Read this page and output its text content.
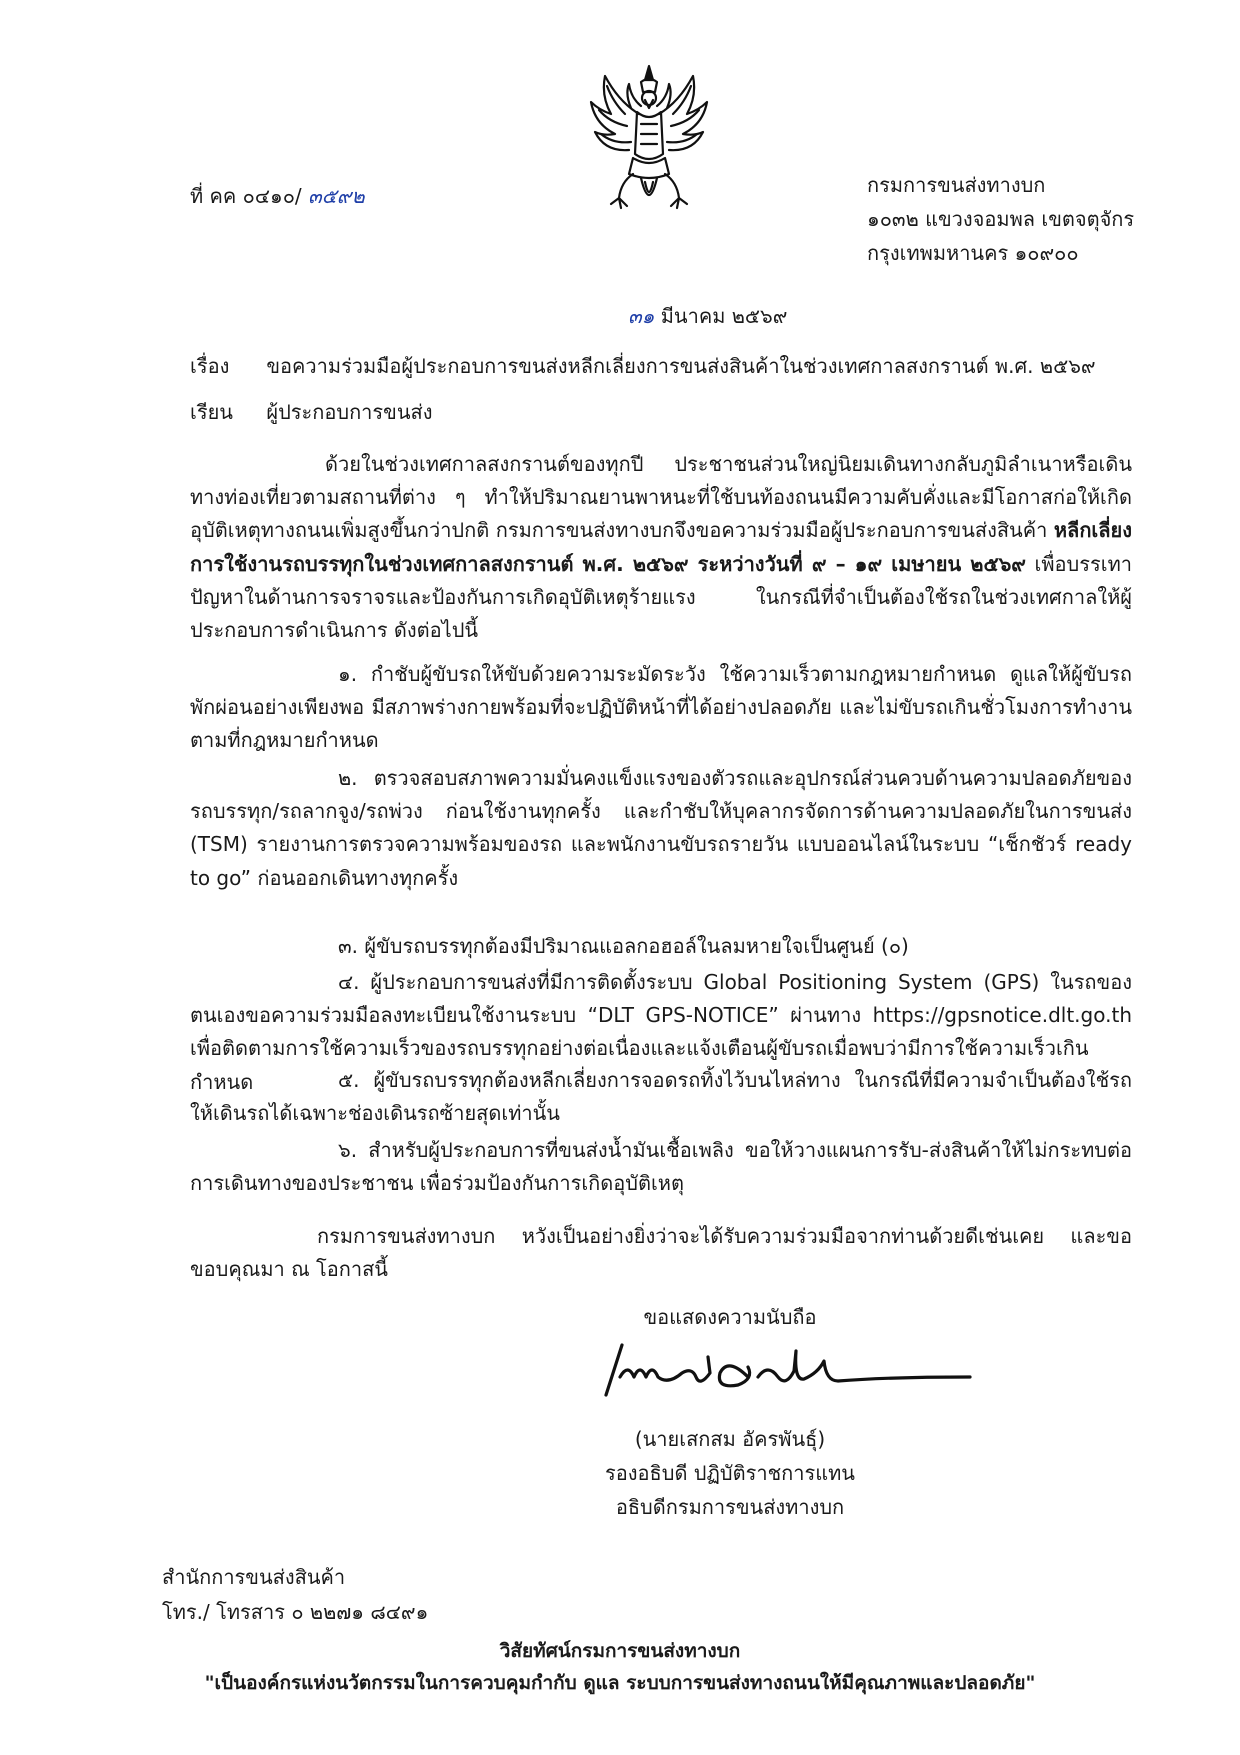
ที่ คค ๐๔๑๐/ ๓๕๙๒	กรมการขนส่งทางบก
๑๐๓๒ แขวงจอมพล เขตจตุจักร
กรุงเทพมหานคร ๑๐๙๐๐
๓๑ มีนาคม ๒๕๖๙
เรื่อง ขอความร่วมมือผู้ประกอบการขนส่งหลีกเลี่ยงการขนส่งสินค้าในช่วงเทศกาลสงกรานต์ พ.ศ. ๒๕๖๙
เรียน ผู้ประกอบการขนส่ง
ด้วยในช่วงเทศกาลสงกรานต์ของทุกปี ประชาชนส่วนใหญ่นิยมเดินทางกลับภูมิลำเนาหรือเดินทางท่องเที่ยวตามสถานที่ต่าง ๆ ทำให้ปริมาณยานพาหนะที่ใช้บนท้องถนนมีความคับคั่งและมีโอกาสก่อให้เกิดอุบัติเหตุทางถนนเพิ่มสูงขึ้นกว่าปกติ กรมการขนส่งทางบกจึงขอความร่วมมือผู้ประกอบการขนส่งสินค้า หลีกเลี่ยงการใช้งานรถบรรทุกในช่วงเทศกาลสงกรานต์ พ.ศ. ๒๕๖๙ ระหว่างวันที่ ๙ – ๑๙ เมษายน ๒๕๖๙ เพื่อบรรเทาปัญหาในด้านการจราจรและป้องกันการเกิดอุบัติเหตุร้ายแรง ในกรณีที่จำเป็นต้องใช้รถในช่วงเทศกาลให้ผู้ประกอบการดำเนินการ ดังต่อไปนี้
๑. กำชับผู้ขับรถให้ขับด้วยความระมัดระวัง ใช้ความเร็วตามกฎหมายกำหนด ดูแลให้ผู้ขับรถพักผ่อนอย่างเพียงพอ มีสภาพร่างกายพร้อมที่จะปฏิบัติหน้าที่ได้อย่างปลอดภัย และไม่ขับรถเกินชั่วโมงการทำงานตามที่กฎหมายกำหนด
๒. ตรวจสอบสภาพความมั่นคงแข็งแรงของตัวรถและอุปกรณ์ส่วนควบด้านความปลอดภัยของรถบรรทุก/รถลากจูง/รถพ่วง ก่อนใช้งานทุกครั้ง และกำชับให้บุคลากรจัดการด้านความปลอดภัยในการขนส่ง (TSM) รายงานการตรวจความพร้อมของรถ และพนักงานขับรถรายวัน แบบออนไลน์ในระบบ “เช็กชัวร์ ready to go” ก่อนออกเดินทางทุกครั้ง
๓. ผู้ขับรถบรรทุกต้องมีปริมาณแอลกอฮอล์ในลมหายใจเป็นศูนย์ (๐)
๔. ผู้ประกอบการขนส่งที่มีการติดตั้งระบบ Global Positioning System (GPS) ในรถของตนเองขอความร่วมมือลงทะเบียนใช้งานระบบ “DLT GPS-NOTICE” ผ่านทาง https://gpsnotice.dlt.go.th เพื่อติดตามการใช้ความเร็วของรถบรรทุกอย่างต่อเนื่องและแจ้งเตือนผู้ขับรถเมื่อพบว่ามีการใช้ความเร็วเกินกำหนด	๕. ผู้ขับรถบรรทุกต้องหลีกเลี่ยงการจอดรถทิ้งไว้บนไหล่ทาง ในกรณีที่มีความจำเป็นต้องใช้รถให้เดินรถได้เฉพาะช่องเดินรถซ้ายสุดเท่านั้น
๖. สำหรับผู้ประกอบการที่ขนส่งน้ำมันเชื้อเพลิง ขอให้วางแผนการรับ-ส่งสินค้าให้ไม่กระทบต่อการเดินทางของประชาชน เพื่อร่วมป้องกันการเกิดอุบัติเหตุ
กรมการขนส่งทางบก หวังเป็นอย่างยิ่งว่าจะได้รับความร่วมมือจากท่านด้วยดีเช่นเคย และขอขอบคุณมา ณ โอกาสนี้
ขอแสดงความนับถือ
(นายเสกสม อัครพันธุ์)
รองอธิบดี ปฏิบัติราชการแทน
อธิบดีกรมการขนส่งทางบก
สำนักการขนส่งสินค้า
โทร./ โทรสาร ๐ ๒๒๗๑ ๘๔๙๑
วิสัยทัศน์กรมการขนส่งทางบก
"เป็นองค์กรแห่งนวัตกรรมในการควบคุมกำกับ ดูแล ระบบการขนส่งทางถนนให้มีคุณภาพและปลอดภัย"
